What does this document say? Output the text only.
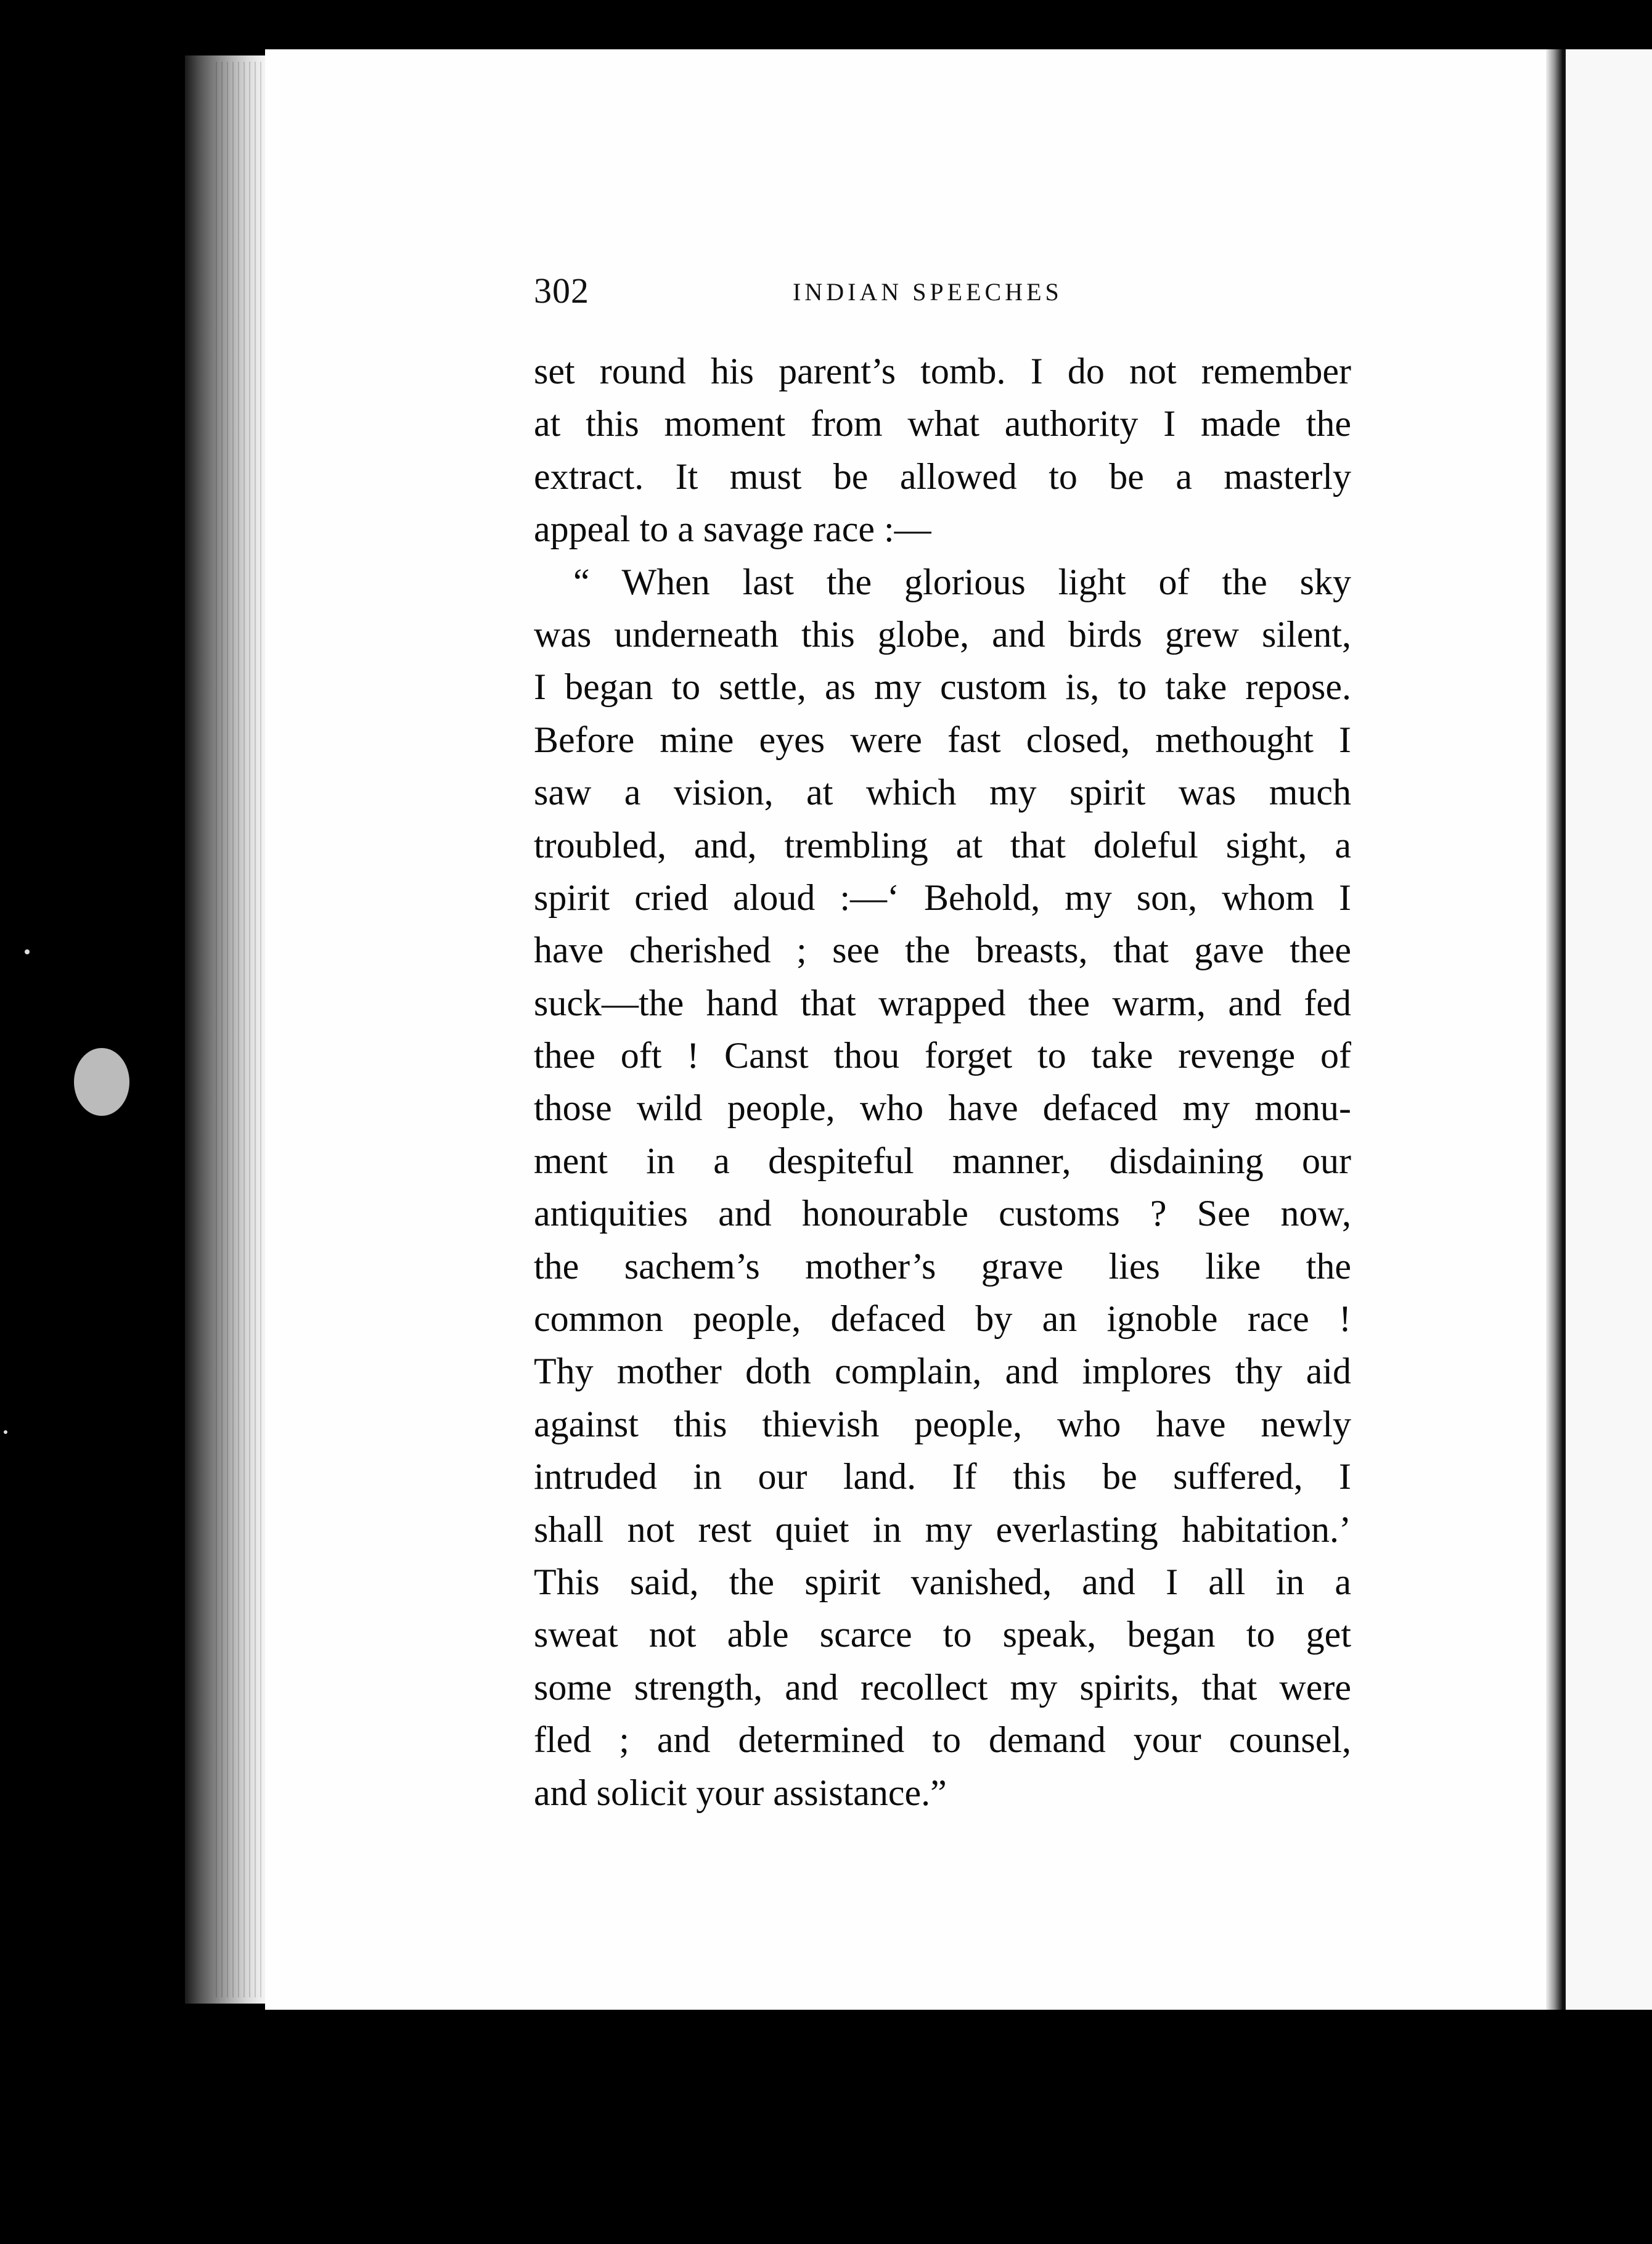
302	INDIAN SPEECHES
set round his parent’s tomb. I do not remember
at this moment from what authority I made the
extract. It must be allowed to be a masterly
appeal to a savage race :—
“ When last the glorious light of the sky
was underneath this globe, and birds grew silent,
I began to settle, as my custom is, to take repose.
Before mine eyes were fast closed, methought I
saw a vision, at which my spirit was much
troubled, and, trembling at that doleful sight, a
spirit cried aloud :—‘ Behold, my son, whom I
have cherished ; see the breasts, that gave thee
suck—the hand that wrapped thee warm, and fed
thee oft ! Canst thou forget to take revenge of
those wild people, who have defaced my monu-
ment in a despiteful manner, disdaining our
antiquities and honourable customs ? See now,
the sachem’s mother’s grave lies like the
common people, defaced by an ignoble race !
Thy mother doth complain, and implores thy aid
against this thievish people, who have newly
intruded in our land. If this be suffered, I
shall not rest quiet in my everlasting habitation.’
This said, the spirit vanished, and I all in a
sweat not able scarce to speak, began to get
some strength, and recollect my spirits, that were
fled ; and determined to demand your counsel,
and solicit your assistance.”
